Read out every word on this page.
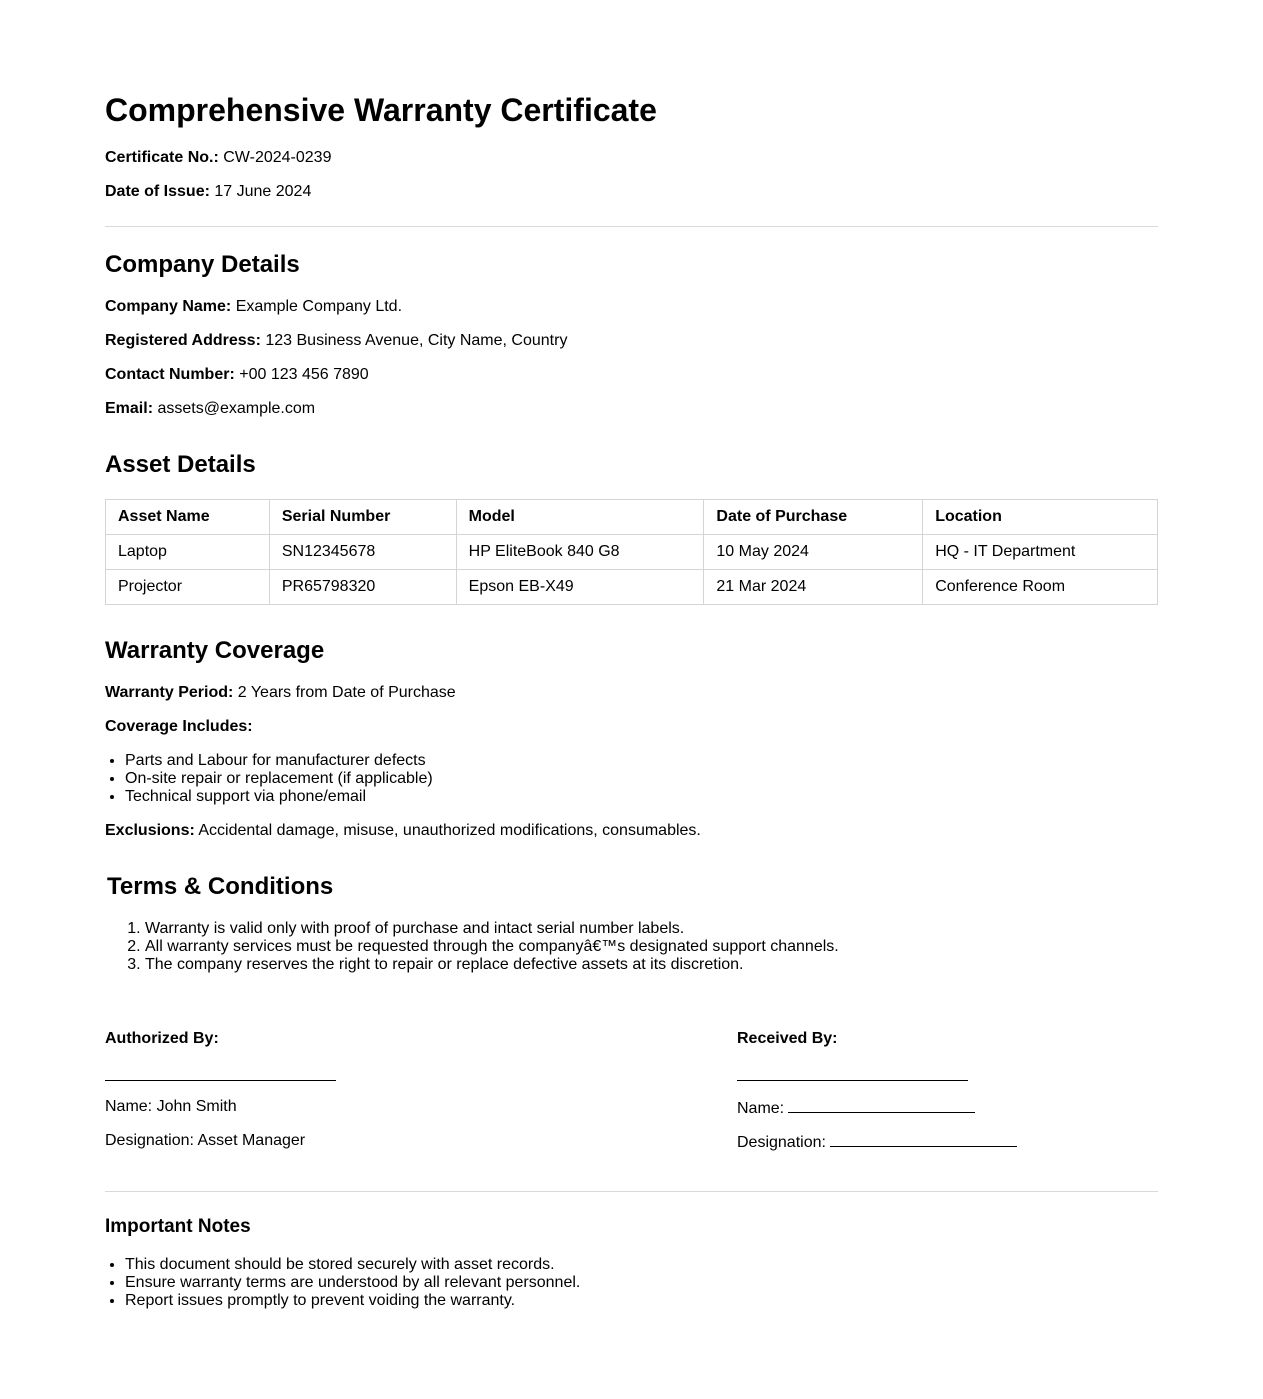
Comprehensive Warranty Certificate
Certificate No.: CW-2024-0239
Date of Issue: 17 June 2024
Company Details
Company Name: Example Company Ltd.
Registered Address: 123 Business Avenue, City Name, Country
Contact Number: +00 123 456 7890
Email: assets@example.com
Asset Details
Asset Name	Serial Number	Model	Date of Purchase	Location
Laptop	SN12345678	HP EliteBook 840 G8	10 May 2024	HQ - IT Department
Projector	PR65798320	Epson EB-X49	21 Mar 2024	Conference Room
Warranty Coverage
Warranty Period: 2 Years from Date of Purchase
Coverage Includes:
• Parts and Labour for manufacturer defects
• On-site repair or replacement (if applicable)
• Technical support via phone/email
Exclusions: Accidental damage, misuse, unauthorized modifications, consumables.
Terms & Conditions
1. Warranty is valid only with proof of purchase and intact serial number labels.
2. All warranty services must be requested through the companyâ€™s designated support channels.
3. The company reserves the right to repair or replace defective assets at its discretion.
Authorized By:
Name: John Smith
Designation: Asset Manager
Received By:
Name:
Designation:
Important Notes
• This document should be stored securely with asset records.
• Ensure warranty terms are understood by all relevant personnel.
• Report issues promptly to prevent voiding the warranty.
